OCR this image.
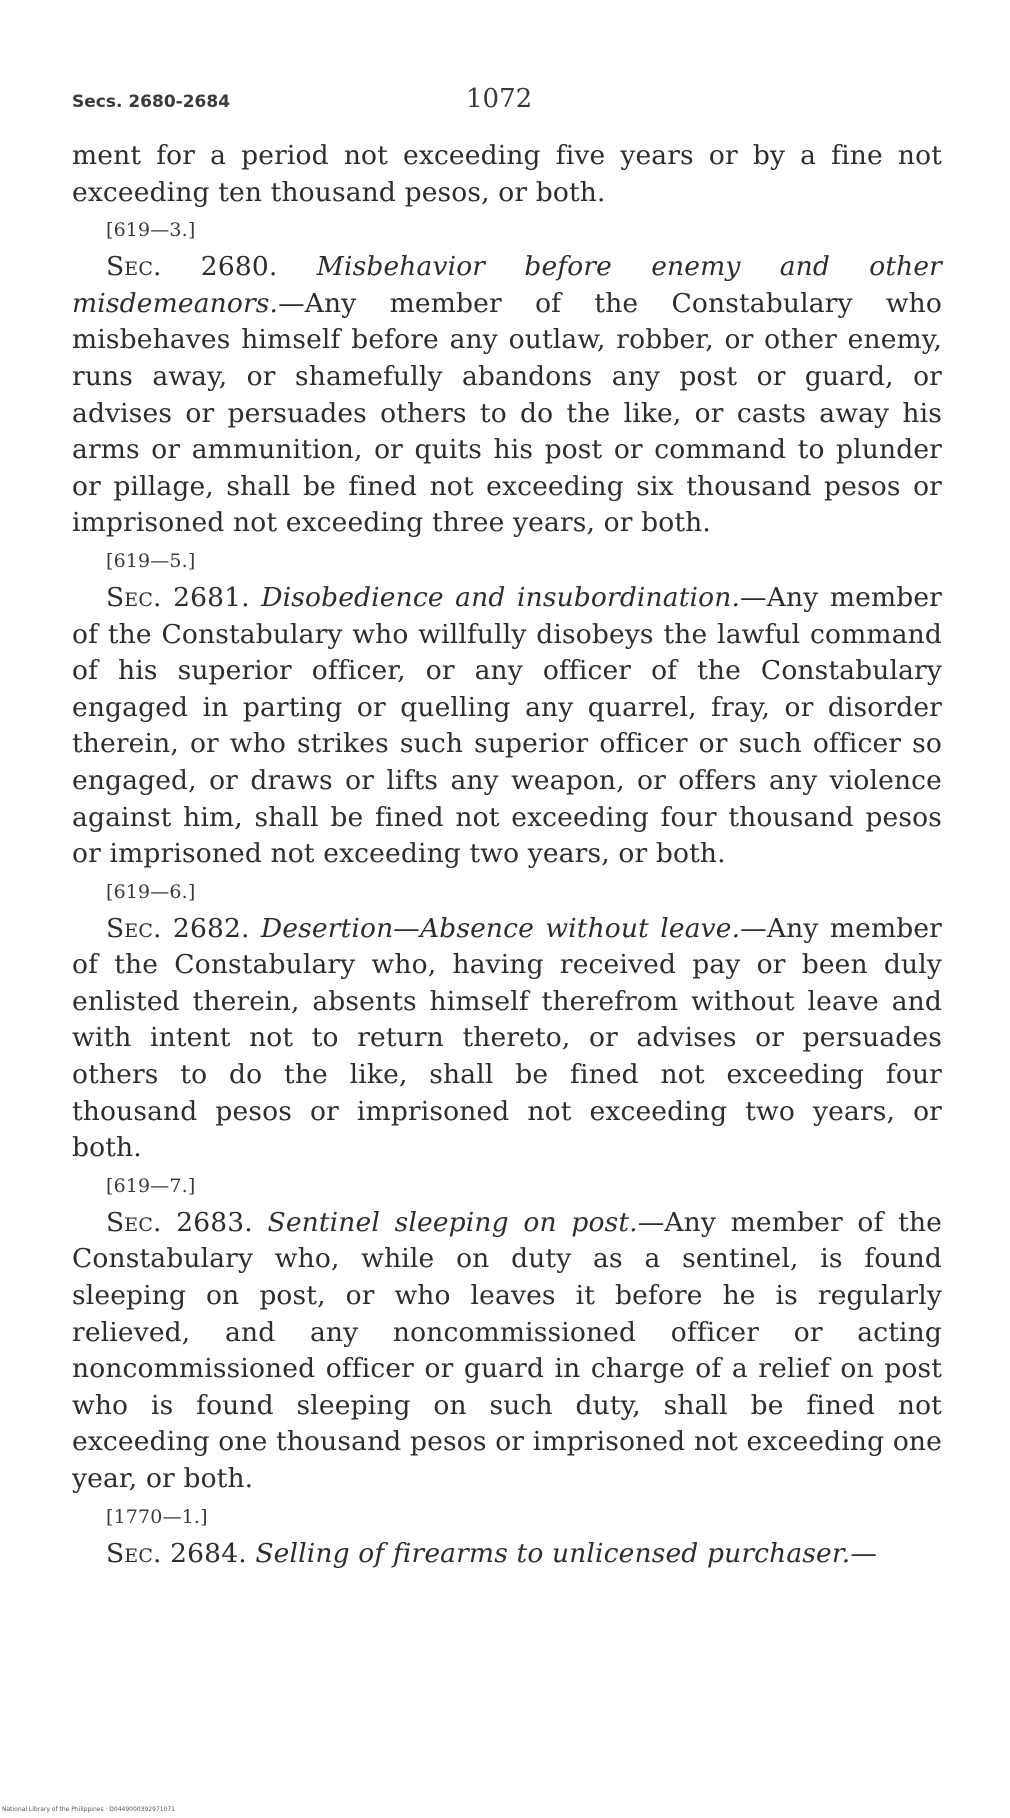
Secs. 2680-2684	1072

ment for a period not exceeding five years or by a fine not exceeding ten thousand pesos, or both.

[619—3.]

Sec. 2680. Misbehavior before enemy and other misdemeanors.—Any member of the Constabulary who misbehaves himself before any outlaw, robber, or other enemy, runs away, or shamefully abandons any post or guard, or advises or persuades others to do the like, or casts away his arms or ammunition, or quits his post or command to plunder or pillage, shall be fined not exceeding six thousand pesos or imprisoned not exceeding three years, or both.

[619—5.]

Sec. 2681. Disobedience and insubordination.—Any member of the Constabulary who willfully disobeys the lawful command of his superior officer, or any officer of the Constabulary engaged in parting or quelling any quarrel, fray, or disorder therein, or who strikes such superior officer or such officer so engaged, or draws or lifts any weapon, or offers any violence against him, shall be fined not exceeding four thousand pesos or imprisoned not exceeding two years, or both.

[619—6.]

Sec. 2682. Desertion—Absence without leave.—Any member of the Constabulary who, having received pay or been duly enlisted therein, absents himself therefrom without leave and with intent not to return thereto, or advises or persuades others to do the like, shall be fined not exceeding four thousand pesos or imprisoned not exceeding two years, or both.

[619—7.]

Sec. 2683. Sentinel sleeping on post.—Any member of the Constabulary who, while on duty as a sentinel, is found sleeping on post, or who leaves it before he is regularly relieved, and any noncommissioned officer or acting noncommissioned officer or guard in charge of a relief on post who is found sleeping on such duty, shall be fined not exceeding one thousand pesos or imprisoned not exceeding one year, or both.

[1770—1.]

Sec. 2684. Selling of firearms to unlicensed purchaser.—

National Library of the Philippines · D0449000392971071
